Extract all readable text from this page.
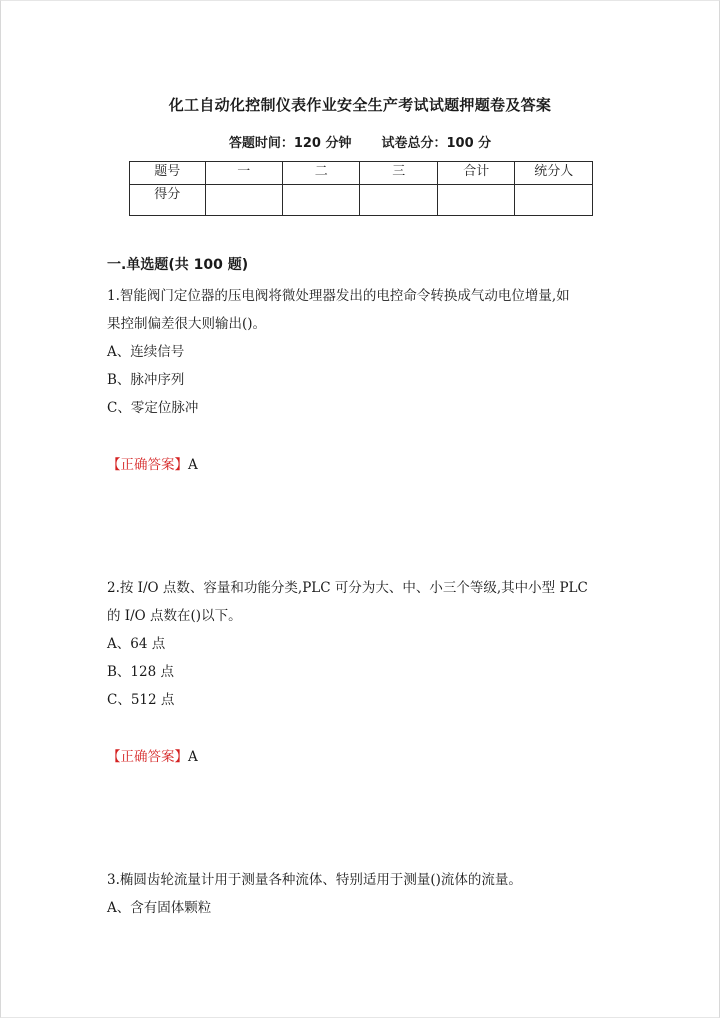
化工自动化控制仪表作业安全生产考试试题押题卷及答案
答题时间：120 分钟 试卷总分：100 分
题号	一	二	三	合计	统分人
得分					
一.单选题(共 100 题)

1.智能阀门定位器的压电阀将微处理器发出的电控命令转换成气动电位增量,如

果控制偏差很大则输出()。

A、连续信号

B、脉冲序列

C、零定位脉冲

【正确答案】A

2.按 I/O 点数、容量和功能分类,PLC 可分为大、中、小三个等级,其中小型 PLC

的 I/O 点数在()以下。

A、64 点

B、128 点

C、512 点

【正确答案】A

3.椭圆齿轮流量计用于测量各种流体、特别适用于测量()流体的流量。

A、含有固体颗粒
